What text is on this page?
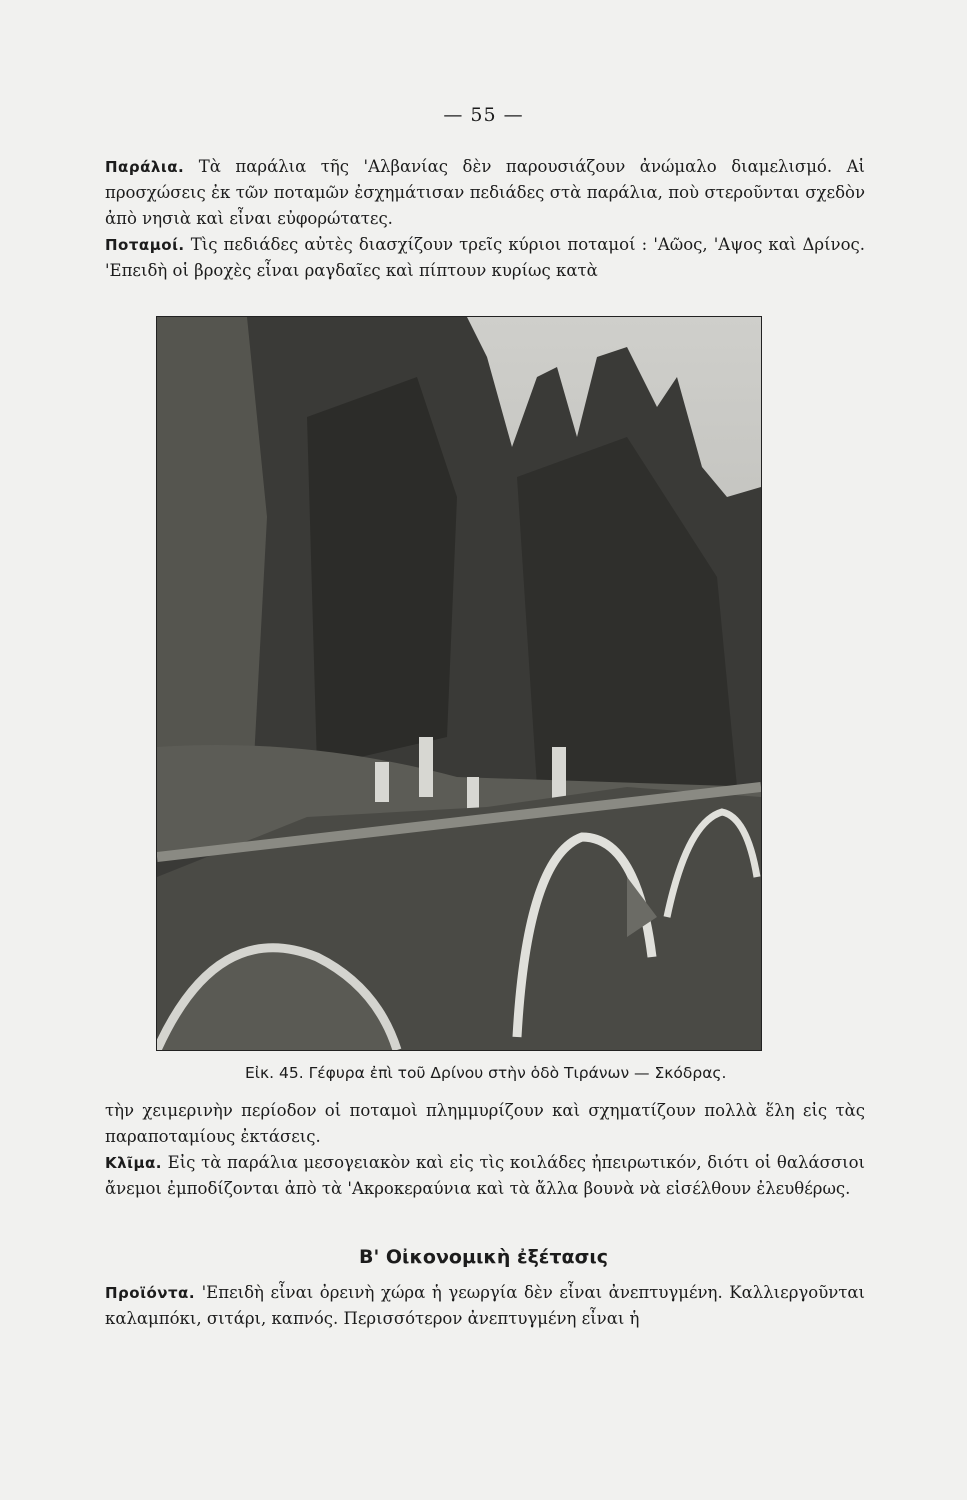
— 55 —

Παράλια. Τὰ παράλια τῆς 'Αλβανίας δὲν παρουσιάζουν ἀνώμαλο διαμελισμό. Αἱ προσχώσεις ἐκ τῶν ποταμῶν ἐσχημάτισαν πεδιάδες στὰ παράλια, ποὺ στεροῦνται σχεδὸν ἀπὸ νησιὰ καὶ εἶναι εὐφορώτατες.

Ποταμοί. Τὶς πεδιάδες αὐτὲς διασχίζουν τρεῖς κύριοι ποταμοί : 'Αῶος, 'Αψος καὶ Δρίνος. 'Επειδὴ οἱ βροχὲς εἶναι ραγδαῖες καὶ πίπτουν κυρίως κατὰ

Εἰκ. 45. Γέφυρα ἐπὶ τοῦ Δρίνου στὴν ὁδὸ Τιράνων — Σκόδρας.

τὴν χειμερινὴν περίοδον οἱ ποταμοὶ πλημμυρίζουν καὶ σχηματίζουν πολλὰ ἕλη εἰς τὰς παραποταμίους ἐκτάσεις.

Κλῖμα. Εἰς τὰ παράλια μεσογειακὸν καὶ εἰς τὶς κοιλάδες ἠπειρωτικόν, διότι οἱ θαλάσσιοι ἄνεμοι ἐμποδίζονται ἀπὸ τὰ 'Ακροκεραύνια καὶ τὰ ἄλλα βουνὰ νὰ εἰσέλθουν ἐλευθέρως.

Β' Οἰκονομικὴ ἐξέτασις

Προϊόντα. 'Επειδὴ εἶναι ὀρεινὴ χώρα ἡ γεωργία δὲν εἶναι ἀνεπτυγμένη. Καλλιεργοῦνται καλαμπόκι, σιτάρι, καπνός. Περισσότερον ἀνεπτυγμένη εἶναι ἡ
